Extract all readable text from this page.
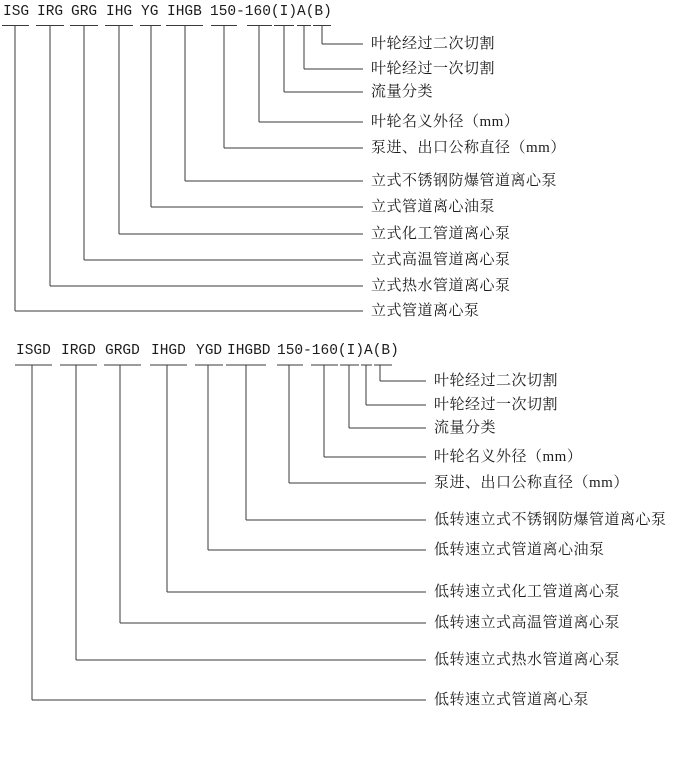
ISG IRG GRG IHG YG IHGB 150-160(I)A(B)
叶轮经过二次切割
叶轮经过一次切割
流量分类
叶轮名义外径（mm）
泵进、出口公称直径（mm）
立式不锈钢防爆管道离心泵
立式管道离心油泵
立式化工管道离心泵
立式高温管道离心泵
立式热水管道离心泵
立式管道离心泵
ISGD IRGD GRGD IHGD YGD IHGBD 150-160(I)A(B)
叶轮经过二次切割
叶轮经过一次切割
流量分类
叶轮名义外径（mm）
泵进、出口公称直径（mm）
低转速立式不锈钢防爆管道离心泵
低转速立式管道离心油泵
低转速立式化工管道离心泵
低转速立式高温管道离心泵
低转速立式热水管道离心泵
低转速立式管道离心泵
